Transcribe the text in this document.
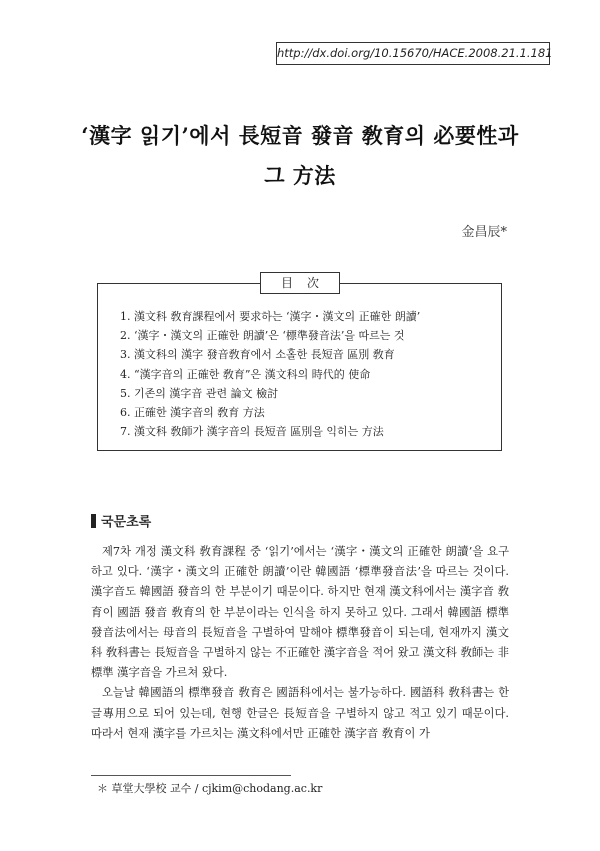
http://dx.doi.org/10.15670/HACE.2008.21.1.181
‘漢字 읽기’에서 長短音 發音 敎育의 必要性과
그 方法
金昌辰*
目次
1. 漢文科 敎育課程에서 要求하는 ‘漢字・漢文의 正確한 朗讀’
2. ‘漢字・漢文의 正確한 朗讀’은 ‘標準發音法’을 따르는 것
3. 漢文科의 漢字 發音敎育에서 소홀한 長短音 區別 敎育
4. “漢字音의 正確한 敎育”은 漢文科의 時代的 使命
5. 기존의 漢字音 관련 論文 檢討
6. 正確한 漢字音의 敎育 方法
7. 漢文科 敎師가 漢字音의 長短音 區別을 익히는 方法
국문초록

제7차 개정 漢文科 敎育課程 중 ‘읽기’에서는 ‘漢字・漢文의 正確한 朗讀’을 요구하고 있다. ‘漢字・漢文의 正確한 朗讀’이란 韓國語 ‘標準發音法’을 따르는 것이다. 漢字音도 韓國語 發音의 한 부분이기 때문이다. 하지만 현재 漢文科에서는 漢字音 敎育이 國語 發音 敎育의 한 부분이라는 인식을 하지 못하고 있다. 그래서 韓國語 標準發音法에서는 母音의 長短音을 구별하여 말해야 標準發音이 되는데, 현재까지 漢文科 敎科書는 長短音을 구별하지 않는 不正確한 漢字音을 적어 왔고 漢文科 敎師는 非標準 漢字音을 가르쳐 왔다.

오늘날 韓國語의 標準發音 敎育은 國語科에서는 불가능하다. 國語科 敎科書는 한글專用으로 되어 있는데, 현행 한글은 長短音을 구별하지 않고 적고 있기 때문이다. 따라서 현재 漢字를 가르치는 漢文科에서만 正確한 漢字音 敎育이 가

＊ 草堂大學校 교수 / cjkim@chodang.ac.kr
